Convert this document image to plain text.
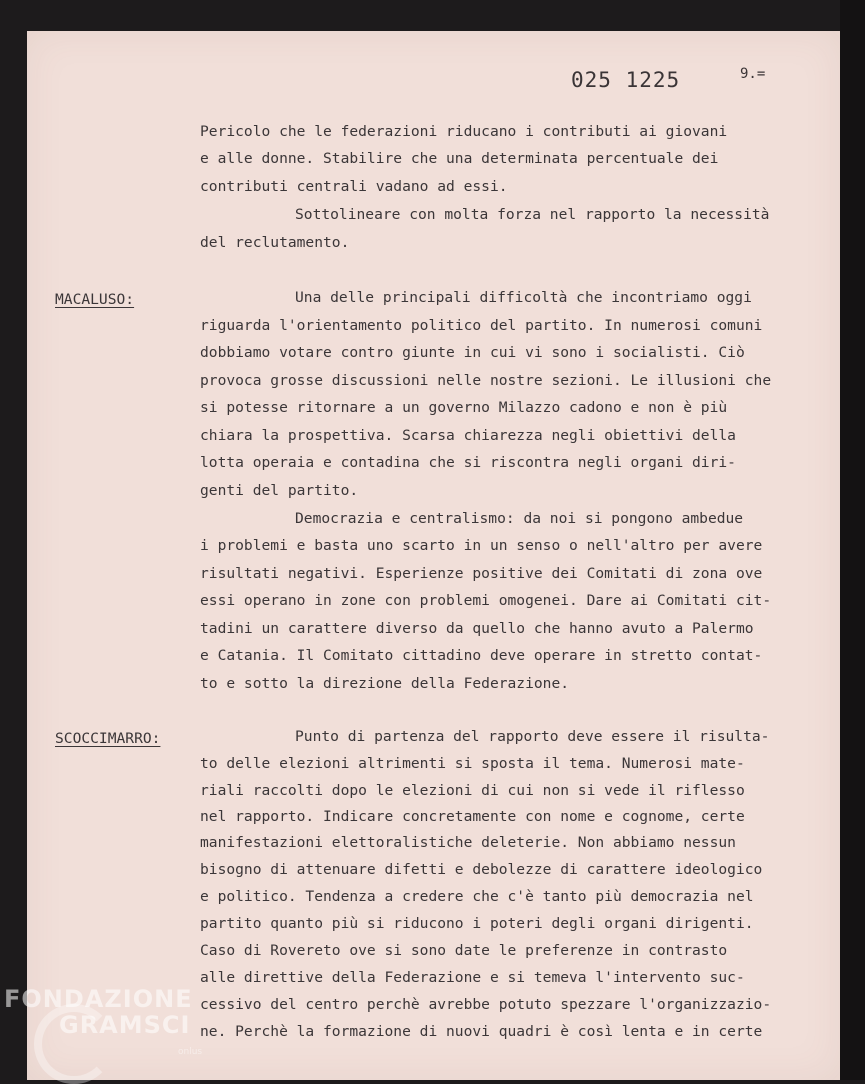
025 1225	9.=
Pericolo che le federazioni riducano i contributi ai giovani
e alle donne. Stabilire che una determinata percentuale dei
contributi centrali vadano ad essi.
Sottolineare con molta forza nel rapporto la necessità
del reclutamento.
MACALUSO:	Una delle principali difficoltà che incontriamo oggi
riguarda l'orientamento politico del partito. In numerosi comuni
dobbiamo votare contro giunte in cui vi sono i socialisti. Ciò
provoca grosse discussioni nelle nostre sezioni. Le illusioni che
si potesse ritornare a un governo Milazzo cadono e non è più
chiara la prospettiva. Scarsa chiarezza negli obiettivi della
lotta operaia e contadina che si riscontra negli organi diri-
genti del partito.
Democrazia e centralismo: da noi si pongono ambedue
i problemi e basta uno scarto in un senso o nell'altro per avere
risultati negativi. Esperienze positive dei Comitati di zona ove
essi operano in zone con problemi omogenei. Dare ai Comitati cit-
tadini un carattere diverso da quello che hanno avuto a Palermo
e Catania. Il Comitato cittadino deve operare in stretto contat-
to e sotto la direzione della Federazione.
SCOCCIMARRO:	Punto di partenza del rapporto deve essere il risulta-
to delle elezioni altrimenti si sposta il tema. Numerosi mate-
riali raccolti dopo le elezioni di cui non si vede il riflesso
nel rapporto. Indicare concretamente con nome e cognome, certe
manifestazioni elettoralistiche deleterie. Non abbiamo nessun
bisogno di attenuare difetti e debolezze di carattere ideologico
e politico. Tendenza a credere che c'è tanto più democrazia nel
partito quanto più si riducono i poteri degli organi dirigenti.
Caso di Rovereto ove si sono date le preferenze in contrasto
alle direttive della Federazione e si temeva l'intervento suc-
cessivo del centro perchè avrebbe potuto spezzare l'organizzazio-
ne. Perchè la formazione di nuovi quadri è così lenta e in certe
FONDAZIONE
GRAMSCI
onlus
